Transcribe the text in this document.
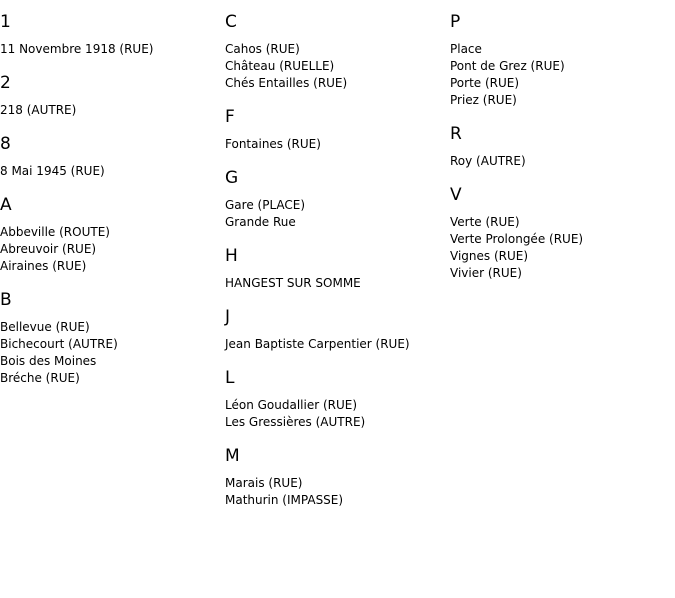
1
11 Novembre 1918 (RUE)
2
218 (AUTRE)
8
8 Mai 1945 (RUE)
A
Abbeville (ROUTE)
Abreuvoir (RUE)
Airaines (RUE)
B
Bellevue (RUE)
Bichecourt (AUTRE)
Bois des Moines
Bréche (RUE)
C
Cahos (RUE)
Château (RUELLE)
Chés Entailles (RUE)
F
Fontaines (RUE)
G
Gare (PLACE)
Grande Rue
H
HANGEST SUR SOMME
J
Jean Baptiste Carpentier (RUE)
L
Léon Goudallier (RUE)
Les Gressières (AUTRE)
M
Marais (RUE)
Mathurin (IMPASSE)
P
Place
Pont de Grez (RUE)
Porte (RUE)
Priez (RUE)
R
Roy (AUTRE)
V
Verte (RUE)
Verte Prolongée (RUE)
Vignes (RUE)
Vivier (RUE)
